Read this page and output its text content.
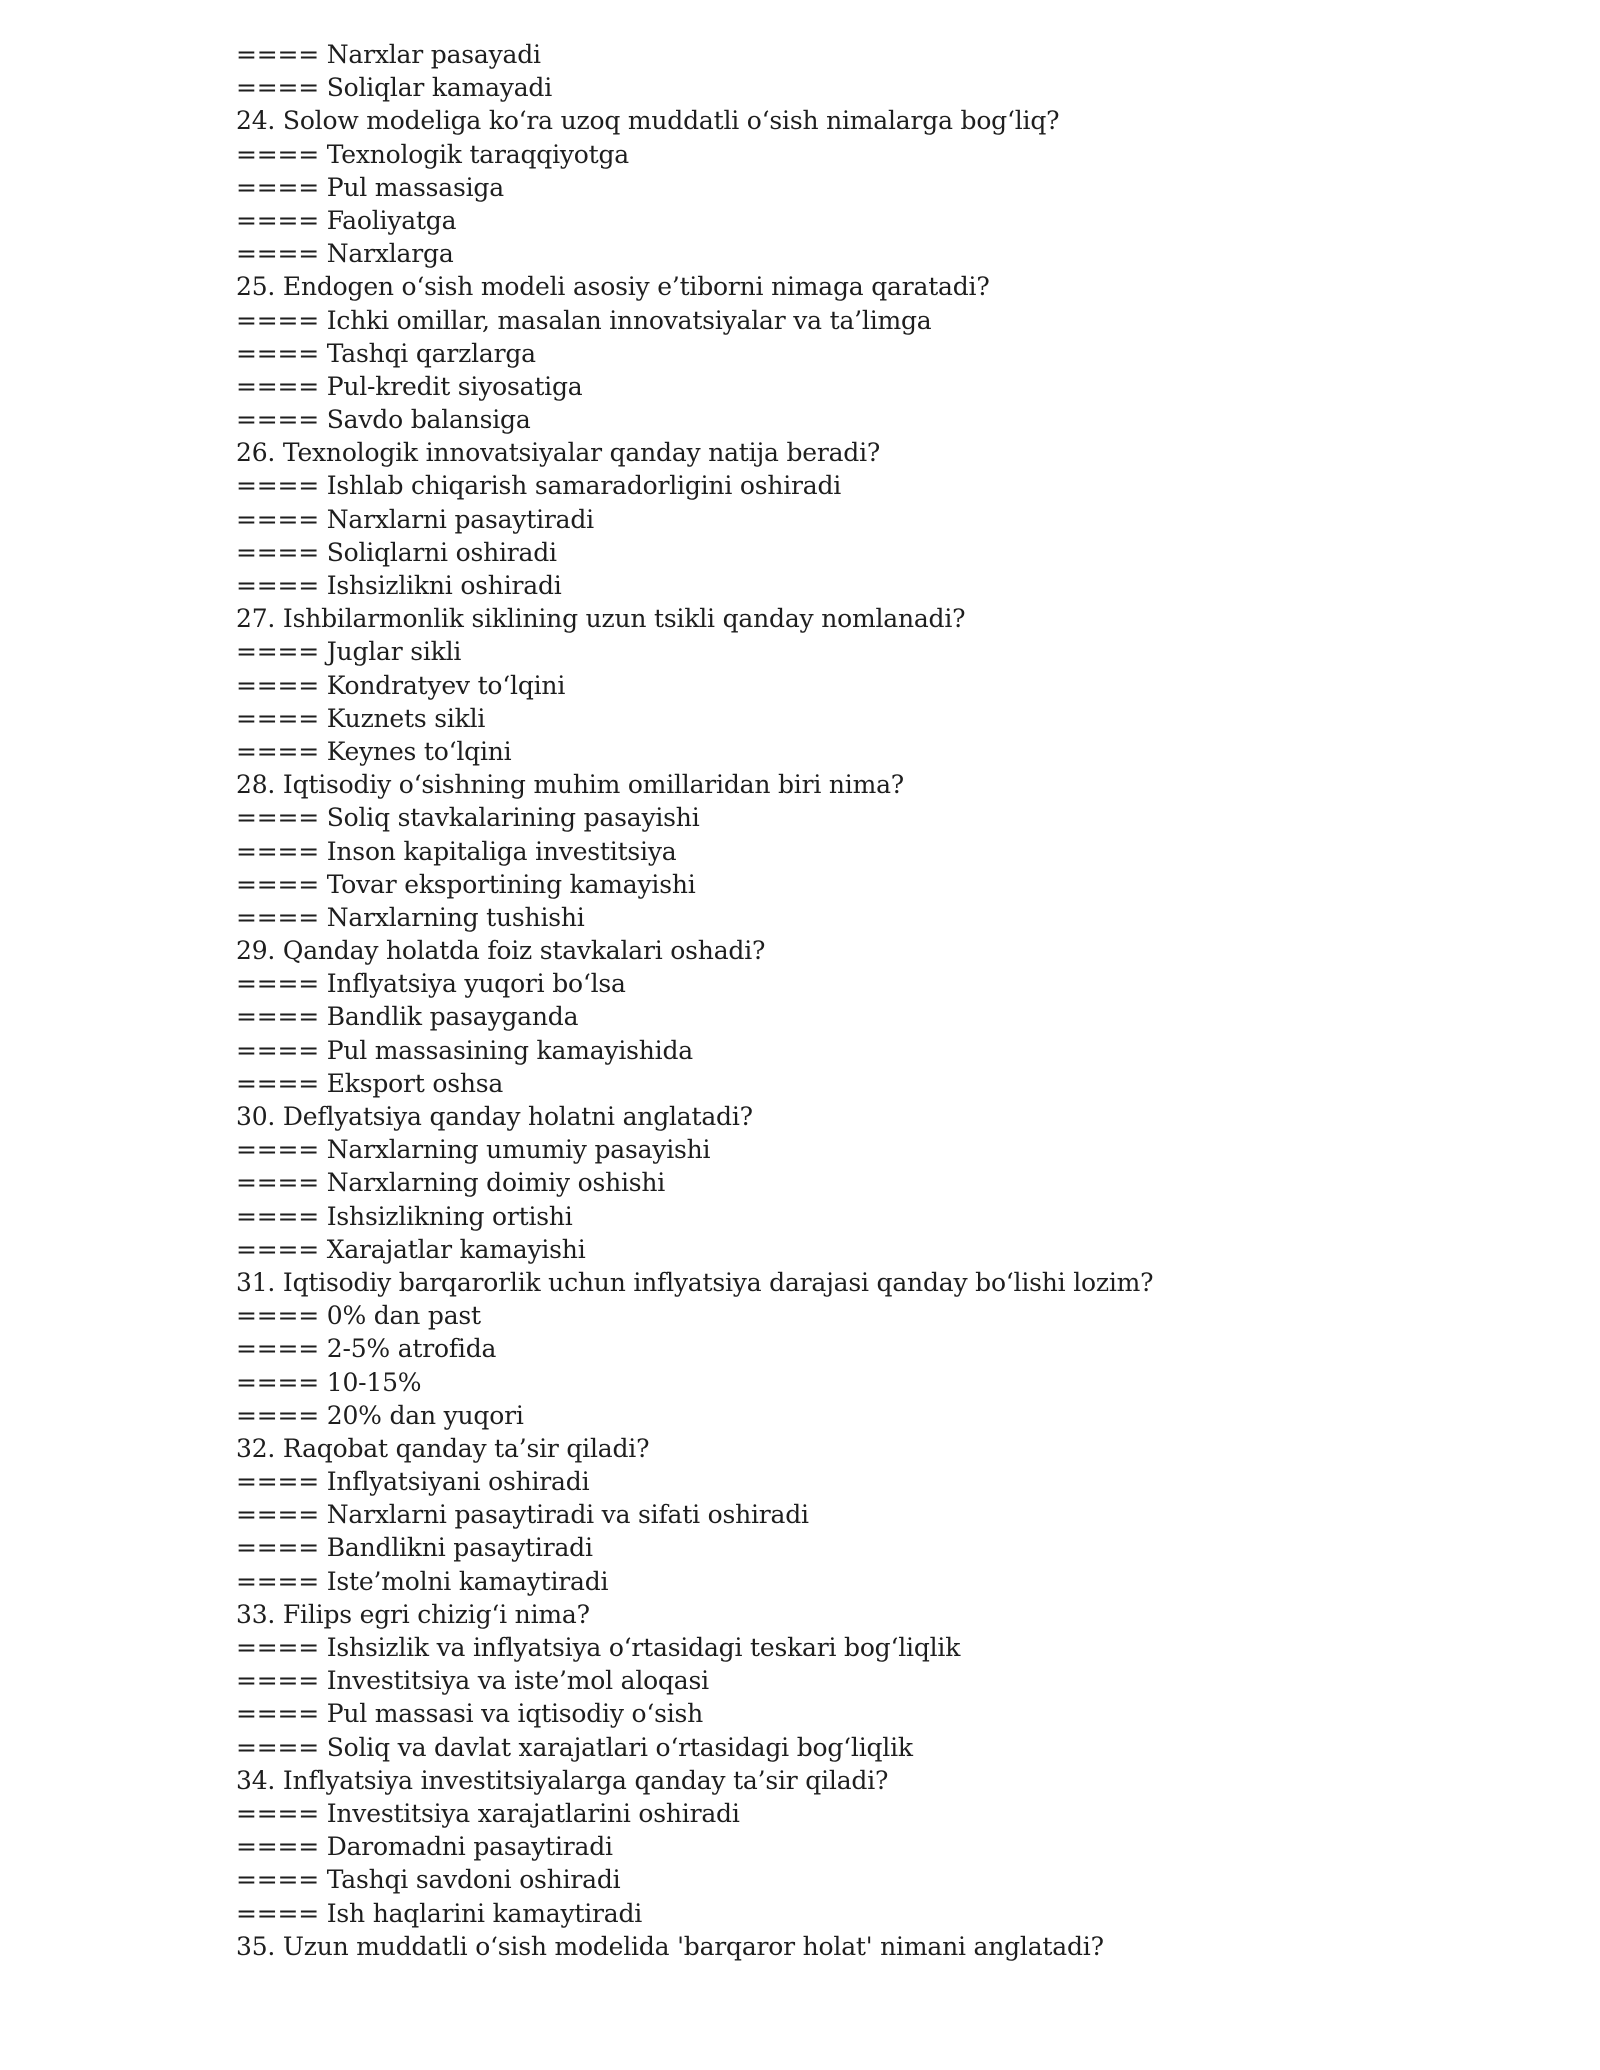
==== Narxlar pasayadi
==== Soliqlar kamayadi
24. Solow modeliga ko‘ra uzoq muddatli o‘sish nimalarga bog‘liq?
==== Texnologik taraqqiyotga
==== Pul massasiga
==== Faoliyatga
==== Narxlarga
25. Endogen o‘sish modeli asosiy e’tiborni nimaga qaratadi?
==== Ichki omillar, masalan innovatsiyalar va ta’limga
==== Tashqi qarzlarga
==== Pul-kredit siyosatiga
==== Savdo balansiga
26. Texnologik innovatsiyalar qanday natija beradi?
==== Ishlab chiqarish samaradorligini oshiradi
==== Narxlarni pasaytiradi
==== Soliqlarni oshiradi
==== Ishsizlikni oshiradi
27. Ishbilarmonlik siklining uzun tsikli qanday nomlanadi?
==== Juglar sikli
==== Kondratyev to‘lqini
==== Kuznets sikli
==== Keynes to‘lqini
28. Iqtisodiy o‘sishning muhim omillaridan biri nima?
==== Soliq stavkalarining pasayishi
==== Inson kapitaliga investitsiya
==== Tovar eksportining kamayishi
==== Narxlarning tushishi
29. Qanday holatda foiz stavkalari oshadi?
==== Inflyatsiya yuqori bo‘lsa
==== Bandlik pasayganda
==== Pul massasining kamayishida
==== Eksport oshsa
30. Deflyatsiya qanday holatni anglatadi?
==== Narxlarning umumiy pasayishi
==== Narxlarning doimiy oshishi
==== Ishsizlikning ortishi
==== Xarajatlar kamayishi
31. Iqtisodiy barqarorlik uchun inflyatsiya darajasi qanday bo‘lishi lozim?
==== 0% dan past
==== 2-5% atrofida
==== 10-15%
==== 20% dan yuqori
32. Raqobat qanday ta’sir qiladi?
==== Inflyatsiyani oshiradi
==== Narxlarni pasaytiradi va sifati oshiradi
==== Bandlikni pasaytiradi
==== Iste’molni kamaytiradi
33. Filips egri chizig‘i nima?
==== Ishsizlik va inflyatsiya o‘rtasidagi teskari bog‘liqlik
==== Investitsiya va iste’mol aloqasi
==== Pul massasi va iqtisodiy o‘sish
==== Soliq va davlat xarajatlari o‘rtasidagi bog‘liqlik
34. Inflyatsiya investitsiyalarga qanday ta’sir qiladi?
==== Investitsiya xarajatlarini oshiradi
==== Daromadni pasaytiradi
==== Tashqi savdoni oshiradi
==== Ish haqlarini kamaytiradi
35. Uzun muddatli o‘sish modelida 'barqaror holat' nimani anglatadi?
